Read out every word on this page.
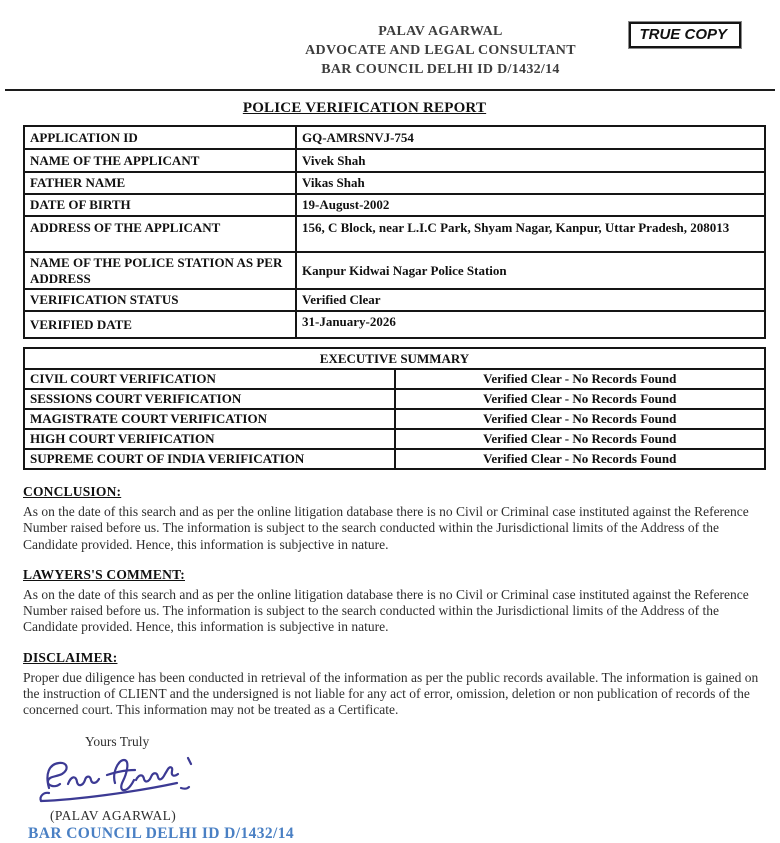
PALAV AGARWAL
ADVOCATE AND LEGAL CONSULTANT
BAR COUNCIL DELHI ID D/1432/14
TRUE COPY
POLICE VERIFICATION REPORT
APPLICATION ID	GQ-AMRSNVJ-754
NAME OF THE APPLICANT	Vivek Shah
FATHER NAME	Vikas Shah
DATE OF BIRTH	19-August-2002
ADDRESS OF THE APPLICANT	156, C Block, near L.I.C Park, Shyam Nagar, Kanpur, Uttar Pradesh, 208013
NAME OF THE POLICE STATION AS PER ADDRESS	Kanpur Kidwai Nagar Police Station
VERIFICATION STATUS	Verified Clear
VERIFIED DATE	31-January-2026
EXECUTIVE SUMMARY	
CIVIL COURT VERIFICATION	Verified Clear - No Records Found
SESSIONS COURT VERIFICATION	Verified Clear - No Records Found
MAGISTRATE COURT VERIFICATION	Verified Clear - No Records Found
HIGH COURT VERIFICATION	Verified Clear - No Records Found
SUPREME COURT OF INDIA VERIFICATION	Verified Clear - No Records Found
CONCLUSION:

As on the date of this search and as per the online litigation database there is no Civil or Criminal case instituted against the Reference Number raised before us. The information is subject to the search conducted within the Jurisdictional limits of the Address of the Candidate provided. Hence, this information is subjective in nature.

LAWYERS'S COMMENT:

As on the date of this search and as per the online litigation database there is no Civil or Criminal case instituted against the Reference Number raised before us. The information is subject to the search conducted within the Jurisdictional limits of the Address of the Candidate provided. Hence, this information is subjective in nature.

DISCLAIMER:

Proper due diligence has been conducted in retrieval of the information as per the public records available. The information is gained on the instruction of CLIENT and the undersigned is not liable for any act of error, omission, deletion or non publication of records of the concerned court. This information may not be treated as a Certificate.

Yours Truly
(PALAV AGARWAL)
BAR COUNCIL DELHI ID D/1432/14
